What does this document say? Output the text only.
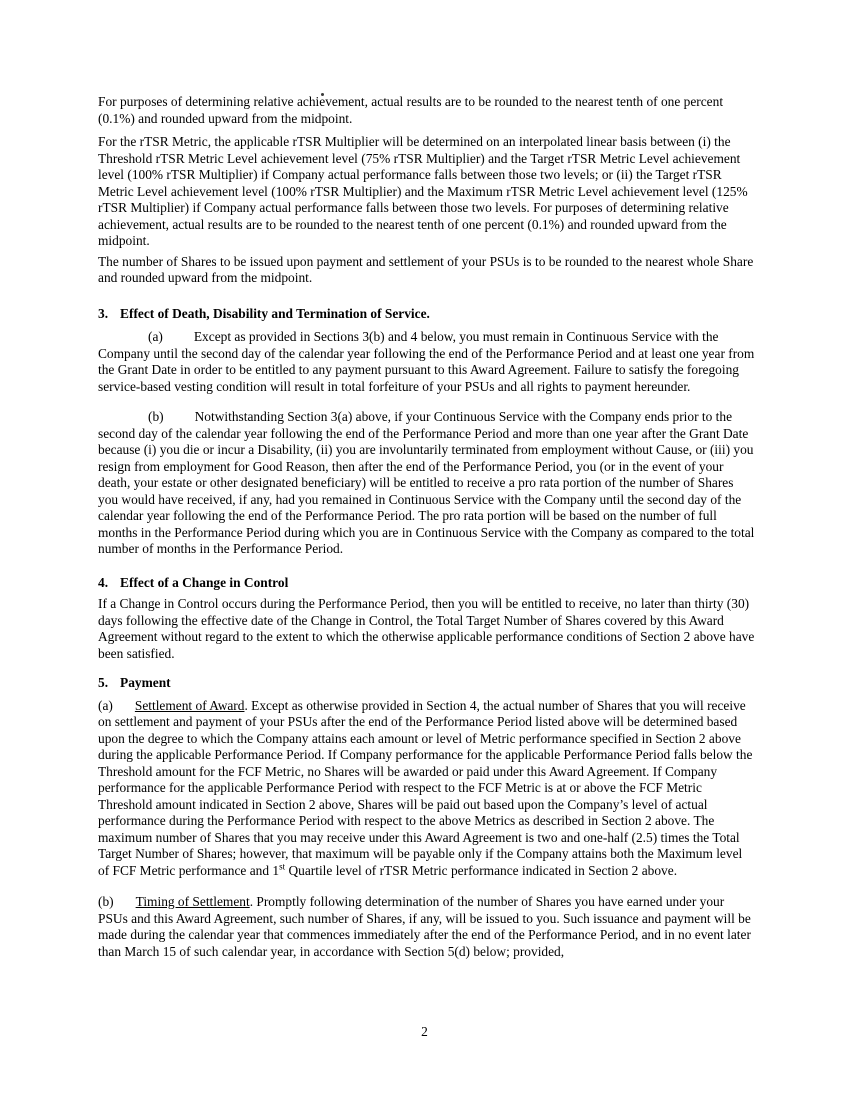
For purposes of determining relative achievement, actual results are to be rounded to the nearest tenth of one percent (0.1%) and rounded upward from the midpoint.

For the rTSR Metric, the applicable rTSR Multiplier will be determined on an interpolated linear basis between (i) the Threshold rTSR Metric Level achievement level (75% rTSR Multiplier) and the Target rTSR Metric Level achievement level (100% rTSR Multiplier) if Company actual performance falls between those two levels; or (ii) the Target rTSR Metric Level achievement level (100% rTSR Multiplier) and the Maximum rTSR Metric Level achievement level (125% rTSR Multiplier) if Company actual performance falls between those two levels. For purposes of determining relative achievement, actual results are to be rounded to the nearest tenth of one percent (0.1%) and rounded upward from the midpoint.

The number of Shares to be issued upon payment and settlement of your PSUs is to be rounded to the nearest whole Share and rounded upward from the midpoint.

3. Effect of Death, Disability and Termination of Service.

(a) Except as provided in Sections 3(b) and 4 below, you must remain in Continuous Service with the Company until the second day of the calendar year following the end of the Performance Period and at least one year from the Grant Date in order to be entitled to any payment pursuant to this Award Agreement. Failure to satisfy the foregoing service-based vesting condition will result in total forfeiture of your PSUs and all rights to payment hereunder.

(b) Notwithstanding Section 3(a) above, if your Continuous Service with the Company ends prior to the second day of the calendar year following the end of the Performance Period and more than one year after the Grant Date because (i) you die or incur a Disability, (ii) you are involuntarily terminated from employment without Cause, or (iii) you resign from employment for Good Reason, then after the end of the Performance Period, you (or in the event of your death, your estate or other designated beneficiary) will be entitled to receive a pro rata portion of the number of Shares you would have received, if any, had you remained in Continuous Service with the Company until the second day of the calendar year following the end of the Performance Period. The pro rata portion will be based on the number of full months in the Performance Period during which you are in Continuous Service with the Company as compared to the total number of months in the Performance Period.

4. Effect of a Change in Control

If a Change in Control occurs during the Performance Period, then you will be entitled to receive, no later than thirty (30) days following the effective date of the Change in Control, the Total Target Number of Shares covered by this Award Agreement without regard to the extent to which the otherwise applicable performance conditions of Section 2 above have been satisfied.

5. Payment

(a) Settlement of Award. Except as otherwise provided in Section 4, the actual number of Shares that you will receive on settlement and payment of your PSUs after the end of the Performance Period listed above will be determined based upon the degree to which the Company attains each amount or level of Metric performance specified in Section 2 above during the applicable Performance Period. If Company performance for the applicable Performance Period falls below the Threshold amount for the FCF Metric, no Shares will be awarded or paid under this Award Agreement. If Company performance for the applicable Performance Period with respect to the FCF Metric is at or above the FCF Metric Threshold amount indicated in Section 2 above, Shares will be paid out based upon the Company’s level of actual performance during the Performance Period with respect to the above Metrics as described in Section 2 above. The maximum number of Shares that you may receive under this Award Agreement is two and one-half (2.5) times the Total Target Number of Shares; however, that maximum will be payable only if the Company attains both the Maximum level of FCF Metric performance and 1st Quartile level of rTSR Metric performance indicated in Section 2 above.

(b) Timing of Settlement. Promptly following determination of the number of Shares you have earned under your PSUs and this Award Agreement, such number of Shares, if any, will be issued to you. Such issuance and payment will be made during the calendar year that commences immediately after the end of the Performance Period, and in no event later than March 15 of such calendar year, in accordance with Section 5(d) below; provided,

2
